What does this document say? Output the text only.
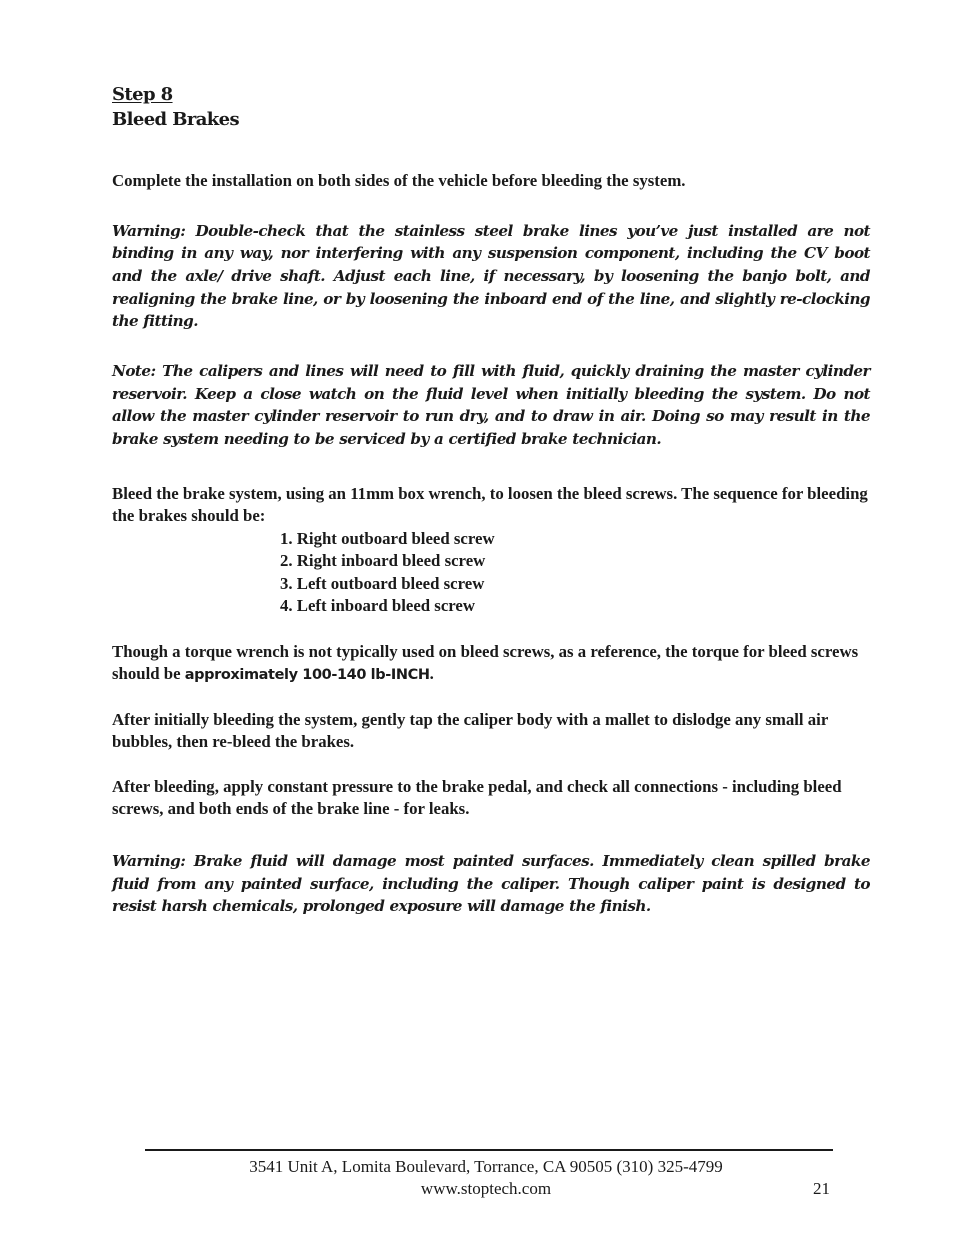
Step 8
Bleed Brakes

Complete the installation on both sides of the vehicle before bleeding the system.

Warning: Double-check that the stainless steel brake lines you’ve just installed are not binding in any way, nor interfering with any suspension component, including the CV boot and the axle/ drive shaft. Adjust each line, if necessary, by loosening the banjo bolt, and realigning the brake line, or by loosening the inboard end of the line, and slightly re-clocking the fitting.

Note: The calipers and lines will need to fill with fluid, quickly draining the master cylinder reservoir. Keep a close watch on the fluid level when initially bleeding the system. Do not allow the master cylinder reservoir to run dry, and to draw in air. Doing so may result in the brake system needing to be serviced by a certified brake technician.

Bleed the brake system, using an 11mm box wrench, to loosen the bleed screws. The sequence for bleeding the brakes should be:

1. Right outboard bleed screw
2. Right inboard bleed screw
3. Left outboard bleed screw
4. Left inboard bleed screw

Though a torque wrench is not typically used on bleed screws, as a reference, the torque for bleed screws should be approximately 100-140 lb-INCH.

After initially bleeding the system, gently tap the caliper body with a mallet to dislodge any small air bubbles, then re-bleed the brakes.

After bleeding, apply constant pressure to the brake pedal, and check all connections - including bleed screws, and both ends of the brake line - for leaks.

Warning: Brake fluid will damage most painted surfaces. Immediately clean spilled brake fluid from any painted surface, including the caliper. Though caliper paint is designed to resist harsh chemicals, prolonged exposure will damage the finish.

3541 Unit A, Lomita Boulevard, Torrance, CA 90505 (310) 325-4799
www.stoptech.com	21
